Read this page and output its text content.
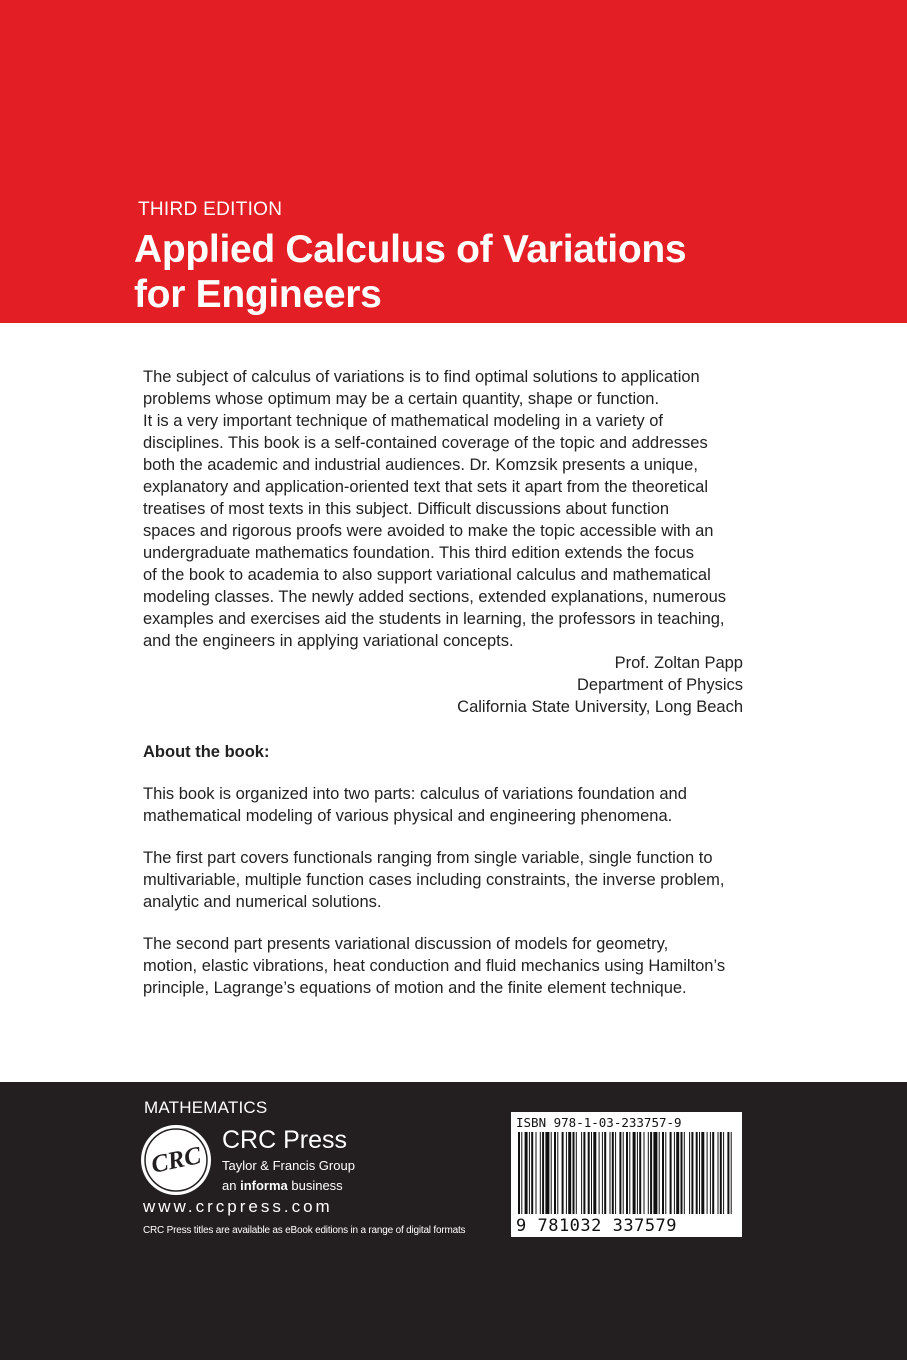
THIRD EDITION
Applied Calculus of Variations
for Engineers

The subject of calculus of variations is to find optimal solutions to application

problems whose optimum may be a certain quantity, shape or function.

It is a very important technique of mathematical modeling in a variety of

disciplines. This book is a self-contained coverage of the topic and addresses

both the academic and industrial audiences. Dr. Komzsik presents a unique,

explanatory and application-oriented text that sets it apart from the theoretical

treatises of most texts in this subject. Difficult discussions about function

spaces and rigorous proofs were avoided to make the topic accessible with an

undergraduate mathematics foundation. This third edition extends the focus

of the book to academia to also support variational calculus and mathematical

modeling classes. The newly added sections, extended explanations, numerous

examples and exercises aid the students in learning, the professors in teaching,

and the engineers in applying variational concepts.

Prof. Zoltan Papp
Department of Physics
California State University, Long Beach
About the book:

This book is organized into two parts: calculus of variations foundation and

mathematical modeling of various physical and engineering phenomena.

The first part covers functionals ranging from single variable, single function to

multivariable, multiple function cases including constraints, the inverse problem,

analytic and numerical solutions.

The second part presents variational discussion of models for geometry,

motion, elastic vibrations, heat conduction and fluid mechanics using Hamilton’s

principle, Lagrange’s equations of motion and the finite element technique.

MATHEMATICS
CRC
CRC Press
Taylor & Francis Group
an informa business
www.crcpress.com
CRC Press titles are available as eBook editions in a range of digital formats
ISBN 978-1-03-233757-9
9 781032 337579
